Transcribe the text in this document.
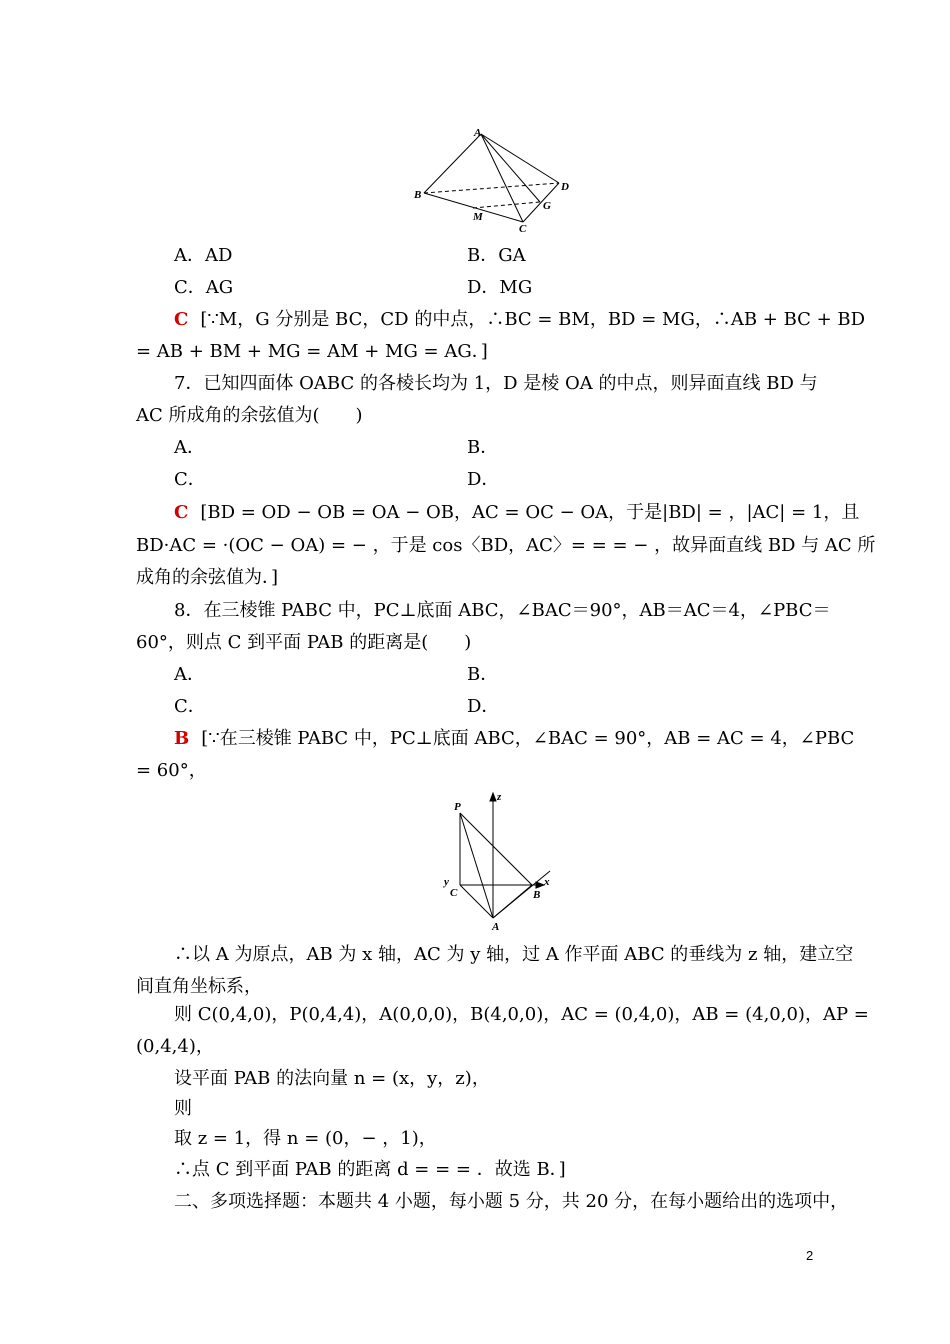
A
B
D
M
G
C
A．AD	B．GA
C．AG	D．MG
C [∵M，G 分别是 BC，CD 的中点，∴BC = BM，BD = MG，∴AB + BC + BD
= AB + BM + MG = AM + MG = AG．]
7．已知四面体 OABC 的各棱长均为 1，D 是棱 OA 的中点，则异面直线 BD 与
AC 所成角的余弦值为(　　)
A．	B．
C．	D．
C [BD = OD − OB = OA − OB，AC = OC − OA，于是|BD| = ，|AC| = 1，且
BD·AC = ·(OC − OA) = − ，于是 cos〈BD，AC〉= = = − ，故异面直线 BD 与 AC 所
成角的余弦值为．]
8．在三棱锥 PABC 中，PC⊥底面 ABC，∠BAC＝90°，AB＝AC＝4，∠PBC＝
60°，则点 C 到平面 PAB 的距离是(　　)
A．	B．
C．	D．
B [∵在三棱锥 PABC 中，PC⊥底面 ABC，∠BAC = 90°，AB = AC = 4，∠PBC
= 60°，
P
z
y
C
x
B
A
∴以 A 为原点，AB 为 x 轴，AC 为 y 轴，过 A 作平面 ABC 的垂线为 z 轴，建立空
间直角坐标系，
则 C(0,4,0)，P(0,4,4)，A(0,0,0)，B(4,0,0)，AC = (0,4,0)，AB = (4,0,0)，AP =
(0,4,4)，
设平面 PAB 的法向量 n = (x，y，z)，
则
取 z = 1，得 n = (0，− ，1)，
∴点 C 到平面 PAB 的距离 d = = = ．故选 B．]
二、多项选择题：本题共 4 小题，每小题 5 分，共 20 分，在每小题给出的选项中，
2
